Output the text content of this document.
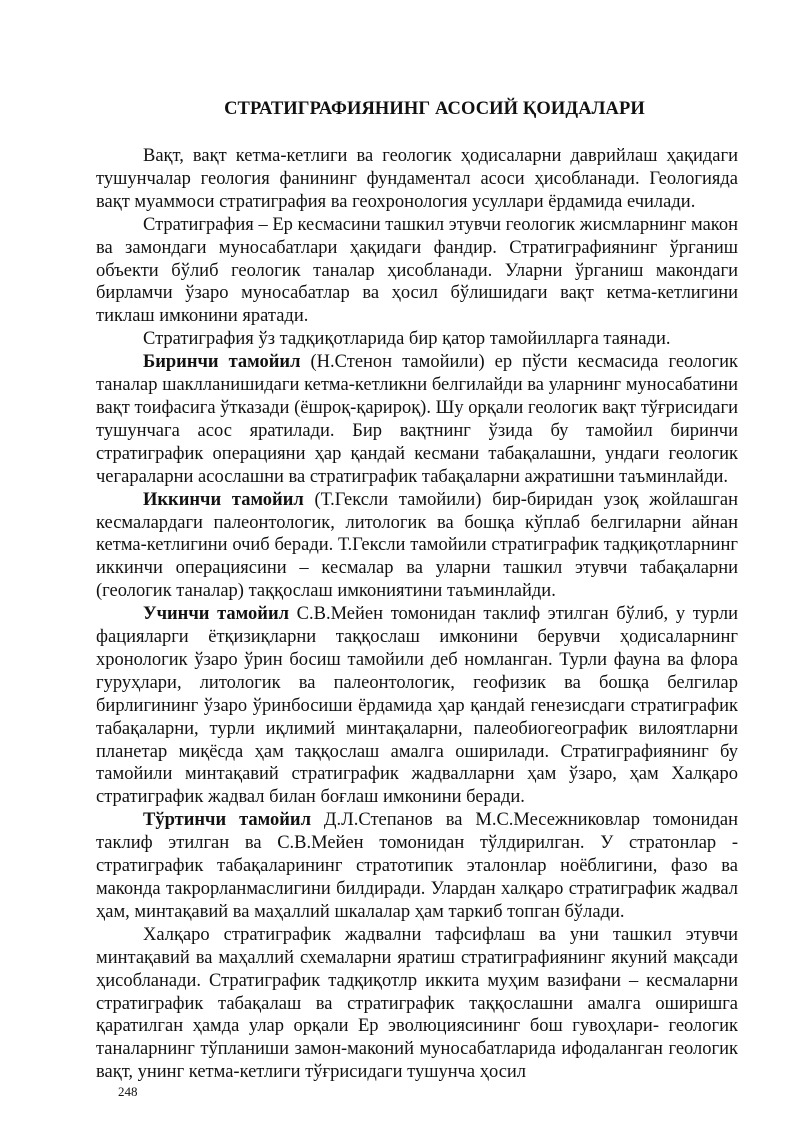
СТРАТИГРАФИЯНИНГ АСОСИЙ ҚОИДАЛАРИ

Вақт, вақт кетма-кетлиги ва геологик ҳодисаларни даврийлаш ҳақидаги тушунчалар геология фанининг фундаментал асоси ҳисобланади. Геологияда вақт муаммоси стратиграфия ва геохронология усуллари ёрдамида ечилади.

Стратиграфия – Ер кесмасини ташкил этувчи геологик жисмларнинг макон ва замондаги муносабатлари ҳақидаги фандир. Стратиграфиянинг ўрганиш объекти бўлиб геологик таналар ҳисобланади. Уларни ўрганиш макондаги бирламчи ўзаро муносабатлар ва ҳосил бўлишидаги вақт кетма-кетлигини тиклаш имконини яратади.

Стратиграфия ўз тадқиқотларида бир қатор тамойилларга таянади.

Биринчи тамойил (Н.Стенон тамойили) ер пўсти кесмасида геологик таналар шаклланишидаги кетма-кетликни белгилайди ва уларнинг муносабатини вақт тоифасига ўтказади (ёшроқ-қарироқ). Шу орқали геологик вақт тўғрисидаги тушунчага асос яратилади. Бир вақтнинг ўзида бу тамойил биринчи стратиграфик операцияни ҳар қандай кесмани табақалашни, ундаги геологик чегараларни асослашни ва стратиграфик табақаларни ажратишни таъминлайди.

Иккинчи тамойил (Т.Гексли тамойили) бир-биридан узоқ жойлашган кесмалардаги палеонтологик, литологик ва бошқа кўплаб белгиларни айнан кетма-кетлигини очиб беради. Т.Гексли тамойили стратиграфик тадқиқотларнинг иккинчи операциясини – кесмалар ва уларни ташкил этувчи табақаларни (геологик таналар) таққослаш имкониятини таъминлайди.

Учинчи тамойил С.В.Мейен томонидан таклиф этилган бўлиб, у турли фацияларги ётқизиқларни таққослаш имконини берувчи ҳодисаларнинг хронологик ўзаро ўрин босиш тамойили деб номланган. Турли фауна ва флора гуруҳлари, литологик ва палеонтологик, геофизик ва бошқа белгилар бирлигининг ўзаро ўринбосиши ёрдамида ҳар қандай генезисдаги стратиграфик табақаларни, турли иқлимий минтақаларни, палеобиогеографик вилоятларни планетар миқёсда ҳам таққослаш амалга оширилади. Стратиграфиянинг бу тамойили минтақавий стратиграфик жадвалларни ҳам ўзаро, ҳам Халқаро стратиграфик жадвал билан боғлаш имконини беради.

Тўртинчи тамойил Д.Л.Степанов ва М.С.Месежниковлар томонидан таклиф этилган ва С.В.Мейен томонидан тўлдирилган. У стратонлар - стратиграфик табақаларининг стратотипик эталонлар ноёблигини, фазо ва маконда такрорланмаслигини билдиради. Улардан халқаро стратиграфик жадвал ҳам, минтақавий ва маҳаллий шкалалар ҳам таркиб топган бўлади.

Халқаро стратиграфик жадвални тафсифлаш ва уни ташкил этувчи минтақавий ва маҳаллий схемаларни яратиш стратиграфиянинг якуний мақсади ҳисобланади. Стратиграфик тадқиқотлр иккита муҳим вазифани – кесмаларни стратиграфик табақалаш ва стратиграфик таққослашни амалга оширишга қаратилган ҳамда улар орқали Ер эволюциясининг бош гувоҳлари- геологик таналарнинг тўпланиши замон-маконий муносабатларида ифодаланган геологик вақт, унинг кетма-кетлиги тўғрисидаги тушунча ҳосил

248
